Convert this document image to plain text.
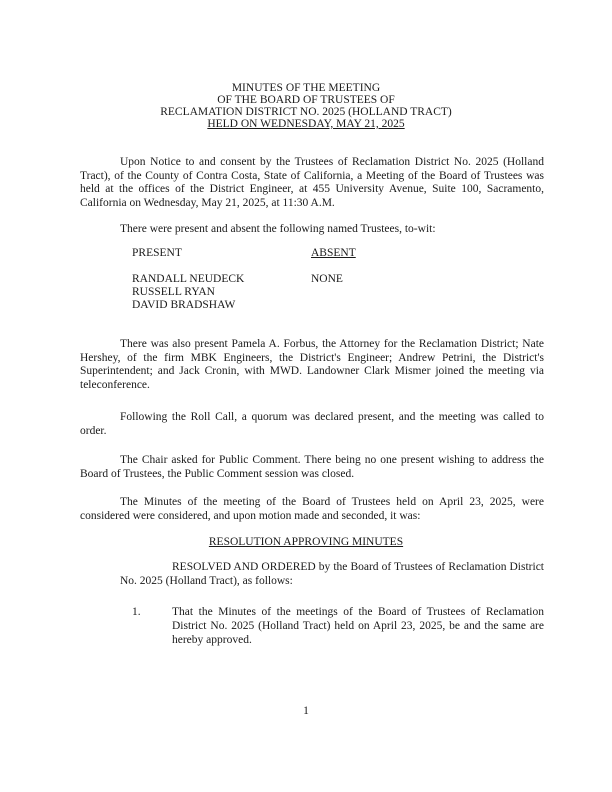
MINUTES OF THE MEETING
OF THE BOARD OF TRUSTEES OF
RECLAMATION DISTRICT NO. 2025 (HOLLAND TRACT)
HELD ON WEDNESDAY, MAY 21, 2025
Upon Notice to and consent by the Trustees of Reclamation District No. 2025 (Holland Tract), of the County of Contra Costa, State of California, a Meeting of the Board of Trustees was held at the offices of the District Engineer, at 455 University Avenue, Suite 100, Sacramento, California on Wednesday, May 21, 2025, at 11:30 A.M.
There were present and absent the following named Trustees, to-wit:
PRESENT	ABSENT
RANDALL NEUDECK
RUSSELL RYAN
DAVID BRADSHAW
NONE
There was also present Pamela A. Forbus, the Attorney for the Reclamation District; Nate Hershey, of the firm MBK Engineers, the District's Engineer; Andrew Petrini, the District's Superintendent; and Jack Cronin, with MWD. Landowner Clark Mismer joined the meeting via teleconference.
Following the Roll Call, a quorum was declared present, and the meeting was called to order.
The Chair asked for Public Comment. There being no one present wishing to address the Board of Trustees, the Public Comment session was closed.
The Minutes of the meeting of the Board of Trustees held on April 23, 2025, were considered were considered, and upon motion made and seconded, it was:
RESOLUTION APPROVING MINUTES
RESOLVED AND ORDERED by the Board of Trustees of Reclamation District No. 2025 (Holland Tract), as follows:
1.	That the Minutes of the meetings of the Board of Trustees of Reclamation District No. 2025 (Holland Tract) held on April 23, 2025, be and the same are hereby approved.
1
